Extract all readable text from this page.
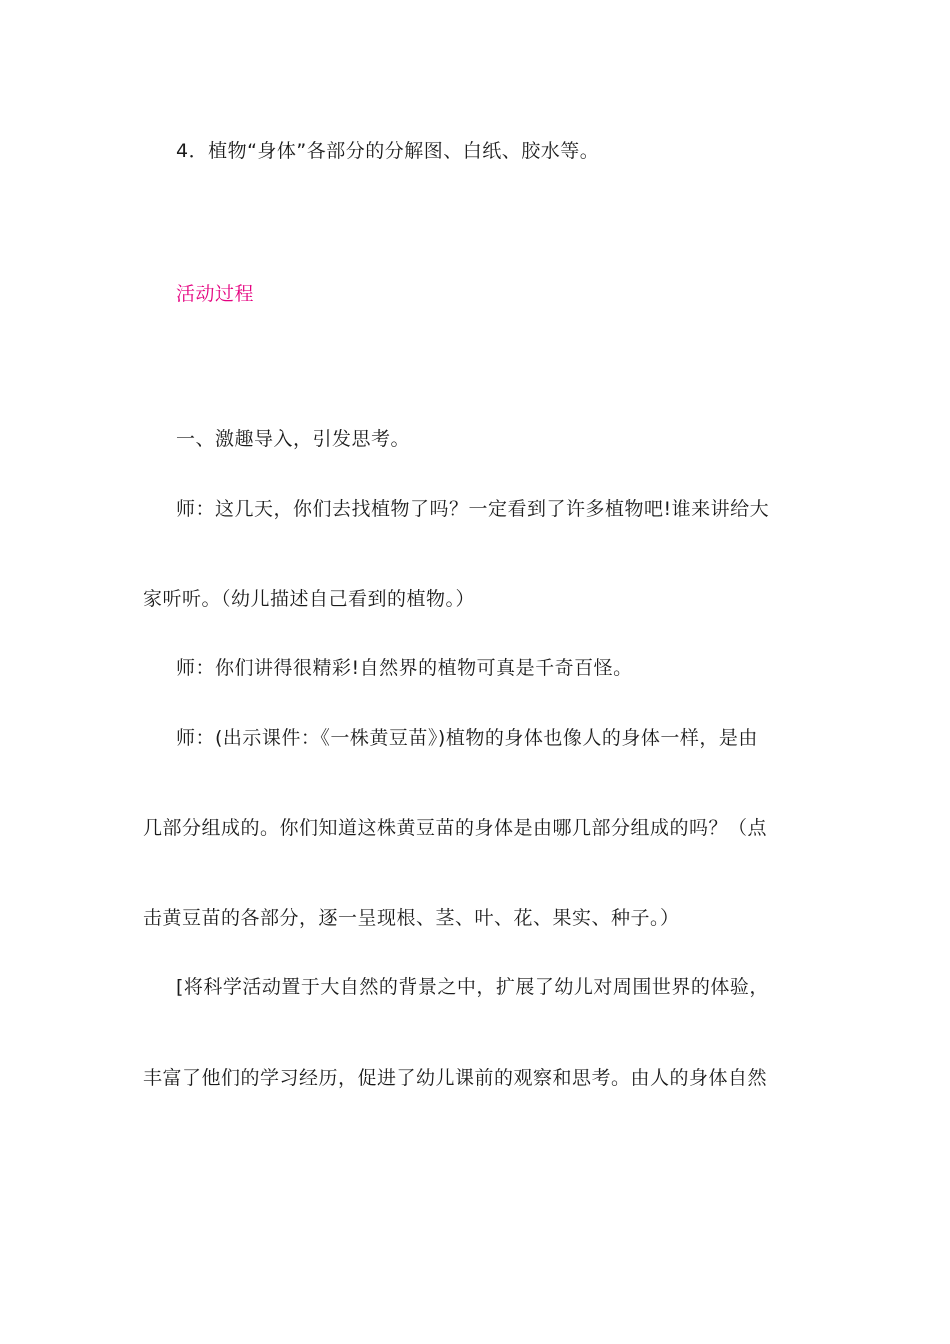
4．植物“身体”各部分的分解图、白纸、胶水等。
活动过程
一、激趣导入，引发思考。
师：这几天，你们去找植物了吗？一定看到了许多植物吧!谁来讲给大
家听听。（幼儿描述自己看到的植物。）
师：你们讲得很精彩!自然界的植物可真是千奇百怪。
师：(出示课件：《一株黄豆苗》)植物的身体也像人的身体一样，是由
几部分组成的。你们知道这株黄豆苗的身体是由哪几部分组成的吗？（点
击黄豆苗的各部分，逐一呈现根、茎、叶、花、果实、种子。）
[将科学活动置于大自然的背景之中，扩展了幼儿对周围世界的体验，
丰富了他们的学习经历，促进了幼儿课前的观察和思考。由人的身体自然
